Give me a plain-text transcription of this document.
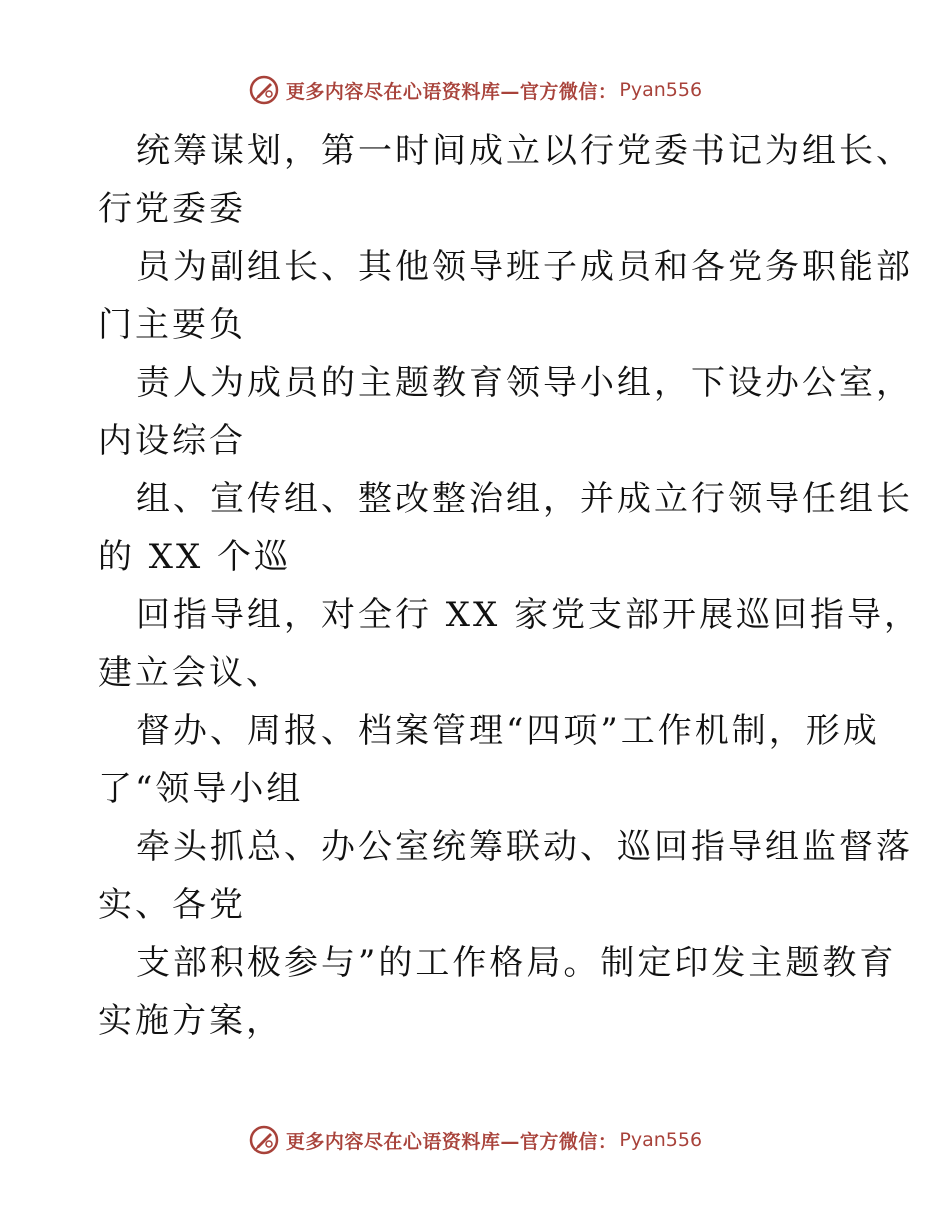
更多内容尽在心语资料库—官方微信： Pyan556

统筹谋划，第一时间成立以行党委书记为组长、

行党委委

员为副组长、其他领导班子成员和各党务职能部

门主要负

责人为成员的主题教育领导小组，下设办公室，

内设综合

组、宣传组、整改整治组，并成立行领导任组长

的 XX 个巡

回指导组，对全行 XX 家党支部开展巡回指导，

建立会议、

督办、周报、档案管理“四项”工作机制，形成

了“领导小组

牵头抓总、办公室统筹联动、巡回指导组监督落

实、各党

支部积极参与”的工作格局。制定印发主题教育

实施方案，

更多内容尽在心语资料库—官方微信： Pyan556
